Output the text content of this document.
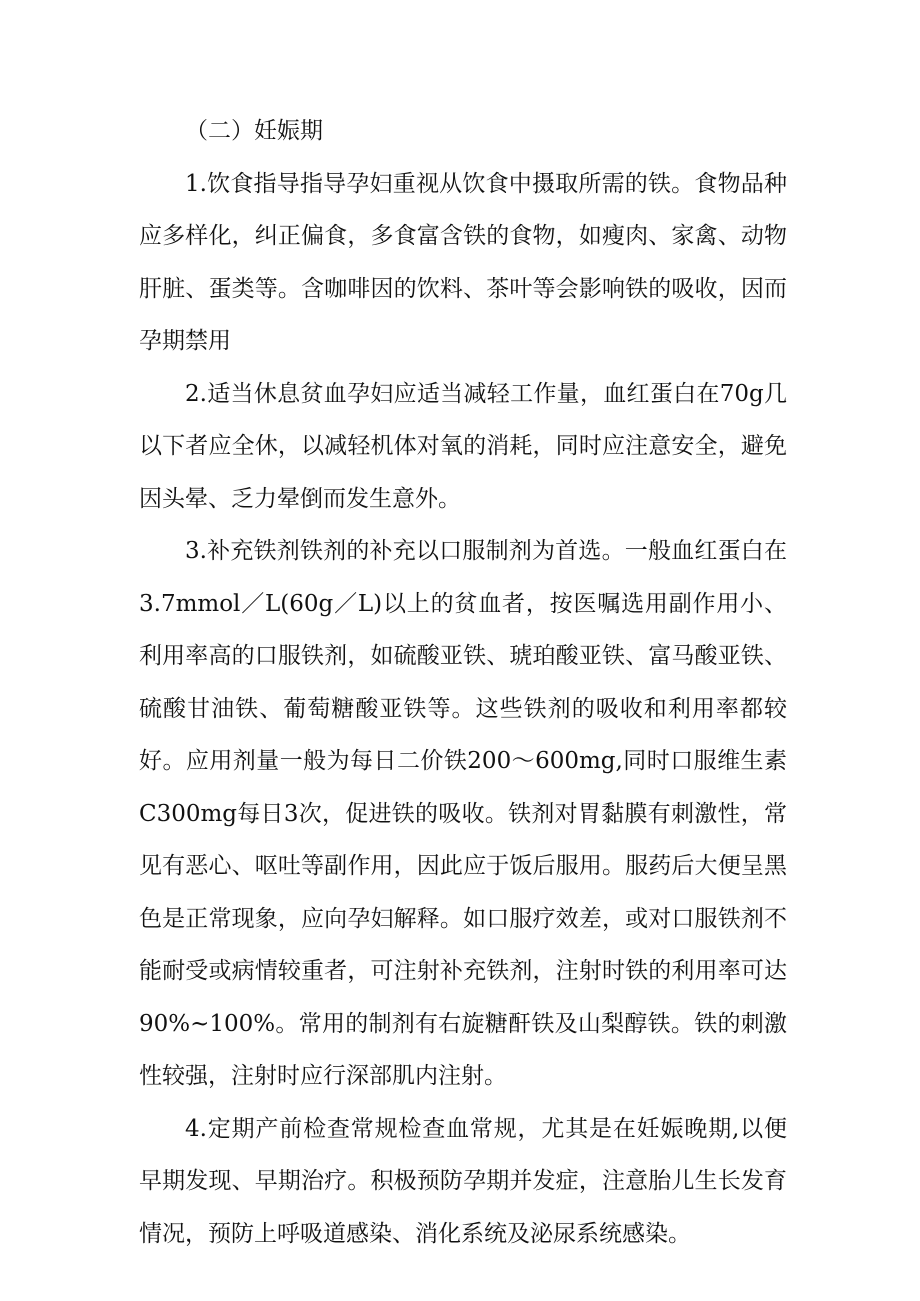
（二）妊娠期

1.饮食指导指导孕妇重视从饮食中摄取所需的铁。食物品种应多样化，纠正偏食，多食富含铁的食物，如瘦肉、家禽、动物肝脏、蛋类等。含咖啡因的饮料、茶叶等会影响铁的吸收，因而孕期禁用

2.适当休息贫血孕妇应适当减轻工作量，血红蛋白在70g几以下者应全休，以减轻机体对氧的消耗，同时应注意安全，避免因头晕、乏力晕倒而发生意外。

3.补充铁剂铁剂的补充以口服制剂为首选。一般血红蛋白在3.7mmol／L(60g／L)以上的贫血者，按医嘱选用副作用小、利用率高的口服铁剂，如硫酸亚铁、琥珀酸亚铁、富马酸亚铁、硫酸甘油铁、葡萄糖酸亚铁等。这些铁剂的吸收和利用率都较好。应用剂量一般为每日二价铁200～600mg,同时口服维生素C300mg每日3次，促进铁的吸收。铁剂对胃黏膜有刺激性，常见有恶心、呕吐等副作用，因此应于饭后服用。服药后大便呈黑色是正常现象，应向孕妇解释。如口服疗效差，或对口服铁剂不能耐受或病情较重者，可注射补充铁剂，注射时铁的利用率可达90%~100%。常用的制剂有右旋糖酐铁及山梨醇铁。铁的刺激性较强，注射时应行深部肌内注射。

4.定期产前检查常规检查血常规，尤其是在妊娠晚期,以便早期发现、早期治疗。积极预防孕期并发症，注意胎儿生长发育情况，预防上呼吸道感染、消化系统及泌尿系统感染。
